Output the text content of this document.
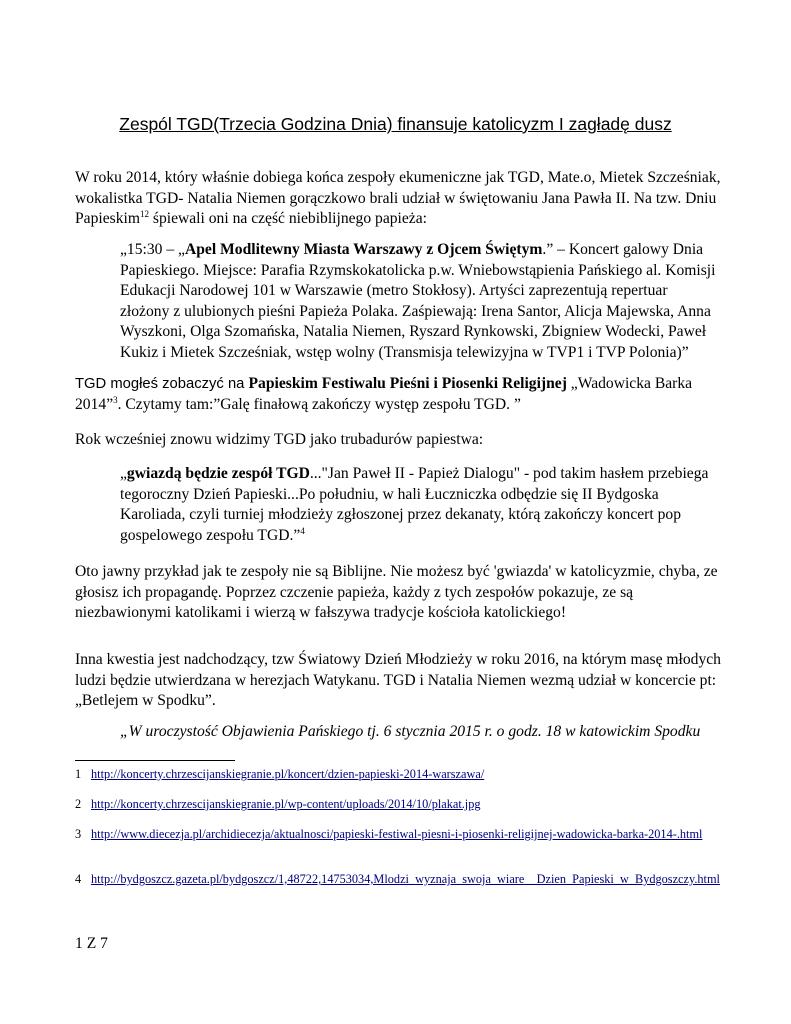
Zespól TGD(Trzecia Godzina Dnia) finansuje katolicyzm I zagładę dusz
W roku 2014, który właśnie dobiega końca zespoły ekumeniczne jak TGD, Mate.o, Mietek Szcześniak, wokalistka TGD- Natalia Niemen gorączkowo brali udział w świętowaniu Jana Pawła II. Na tzw. Dniu Papieskim$^{12}$ śpiewali oni na część niebiblijnego papieża:
„15:30 – „Apel Modlitewny Miasta Warszawy z Ojcem Świętym.” – Koncert galowy Dnia Papieskiego. Miejsce: Parafia Rzymskokatolicka p.w. Wniebowstąpienia Pańskiego al. Komisji Edukacji Narodowej 101 w Warszawie (metro Stokłosy). Artyści zaprezentują repertuar złożony z ulubionych pieśni Papieża Polaka. Zaśpiewają: Irena Santor, Alicja Majewska, Anna Wyszkoni, Olga Szomańska, Natalia Niemen, Ryszard Rynkowski, Zbigniew Wodecki, Paweł Kukiz i Mietek Szcześniak, wstęp wolny (Transmisja telewizyjna w TVP1 i TVP Polonia)”
TGD mogłeś zobaczyć na Papieskim Festiwalu Pieśni i Piosenki Religijnej „Wadowicka Barka 2014”$^3$. Czytamy tam:”Galę finałową zakończy występ zespołu TGD. ”
Rok wcześniej znowu widzimy TGD jako trubadurów papiestwa:
„gwiazdą będzie zespół TGD..."Jan Paweł II - Papież Dialogu" - pod takim hasłem przebiega tegoroczny Dzień Papieski...Po południu, w hali Łuczniczka odbędzie się II Bydgoska Karoliada, czyli turniej młodzieży zgłoszonej przez dekanaty, którą zakończy koncert pop gospelowego zespołu TGD.”$^4$
Oto jawny przykład jak te zespoły nie są Biblijne. Nie możesz być 'gwiazda' w katolicyzmie, chyba, ze głosisz ich propagandę. Poprzez czczenie papieża, każdy z tych zespołów pokazuje, ze są niezbawionymi katolikami i wierzą w fałszywa tradycje kościoła katolickiego!
Inna kwestia jest nadchodzący, tzw Światowy Dzień Młodzieży w roku 2016, na którym masę młodych ludzi będzie utwierdzana w herezjach Watykanu. TGD i Natalia Niemen wezmą udział w koncercie pt: „Betlejem w Spodku”.
„W uroczystość Objawienia Pańskiego tj. 6 stycznia 2015 r. o godz. 18 w katowickim Spodku
1 http://koncerty.chrzescijanskiegranie.pl/koncert/dzien-papieski-2014-warszawa/
2 http://koncerty.chrzescijanskiegranie.pl/wp-content/uploads/2014/10/plakat.jpg
3 http://www.diecezja.pl/archidiecezja/aktualnosci/papieski-festiwal-piesni-i-piosenki-religijnej-wadowicka-barka-2014-.html
4 http://bydgoszcz.gazeta.pl/bydgoszcz/1,48722,14753034,Mlodzi_wyznaja_swoja_wiare__Dzien_Papieski_w_Bydgoszczy.html
1 Z 7
